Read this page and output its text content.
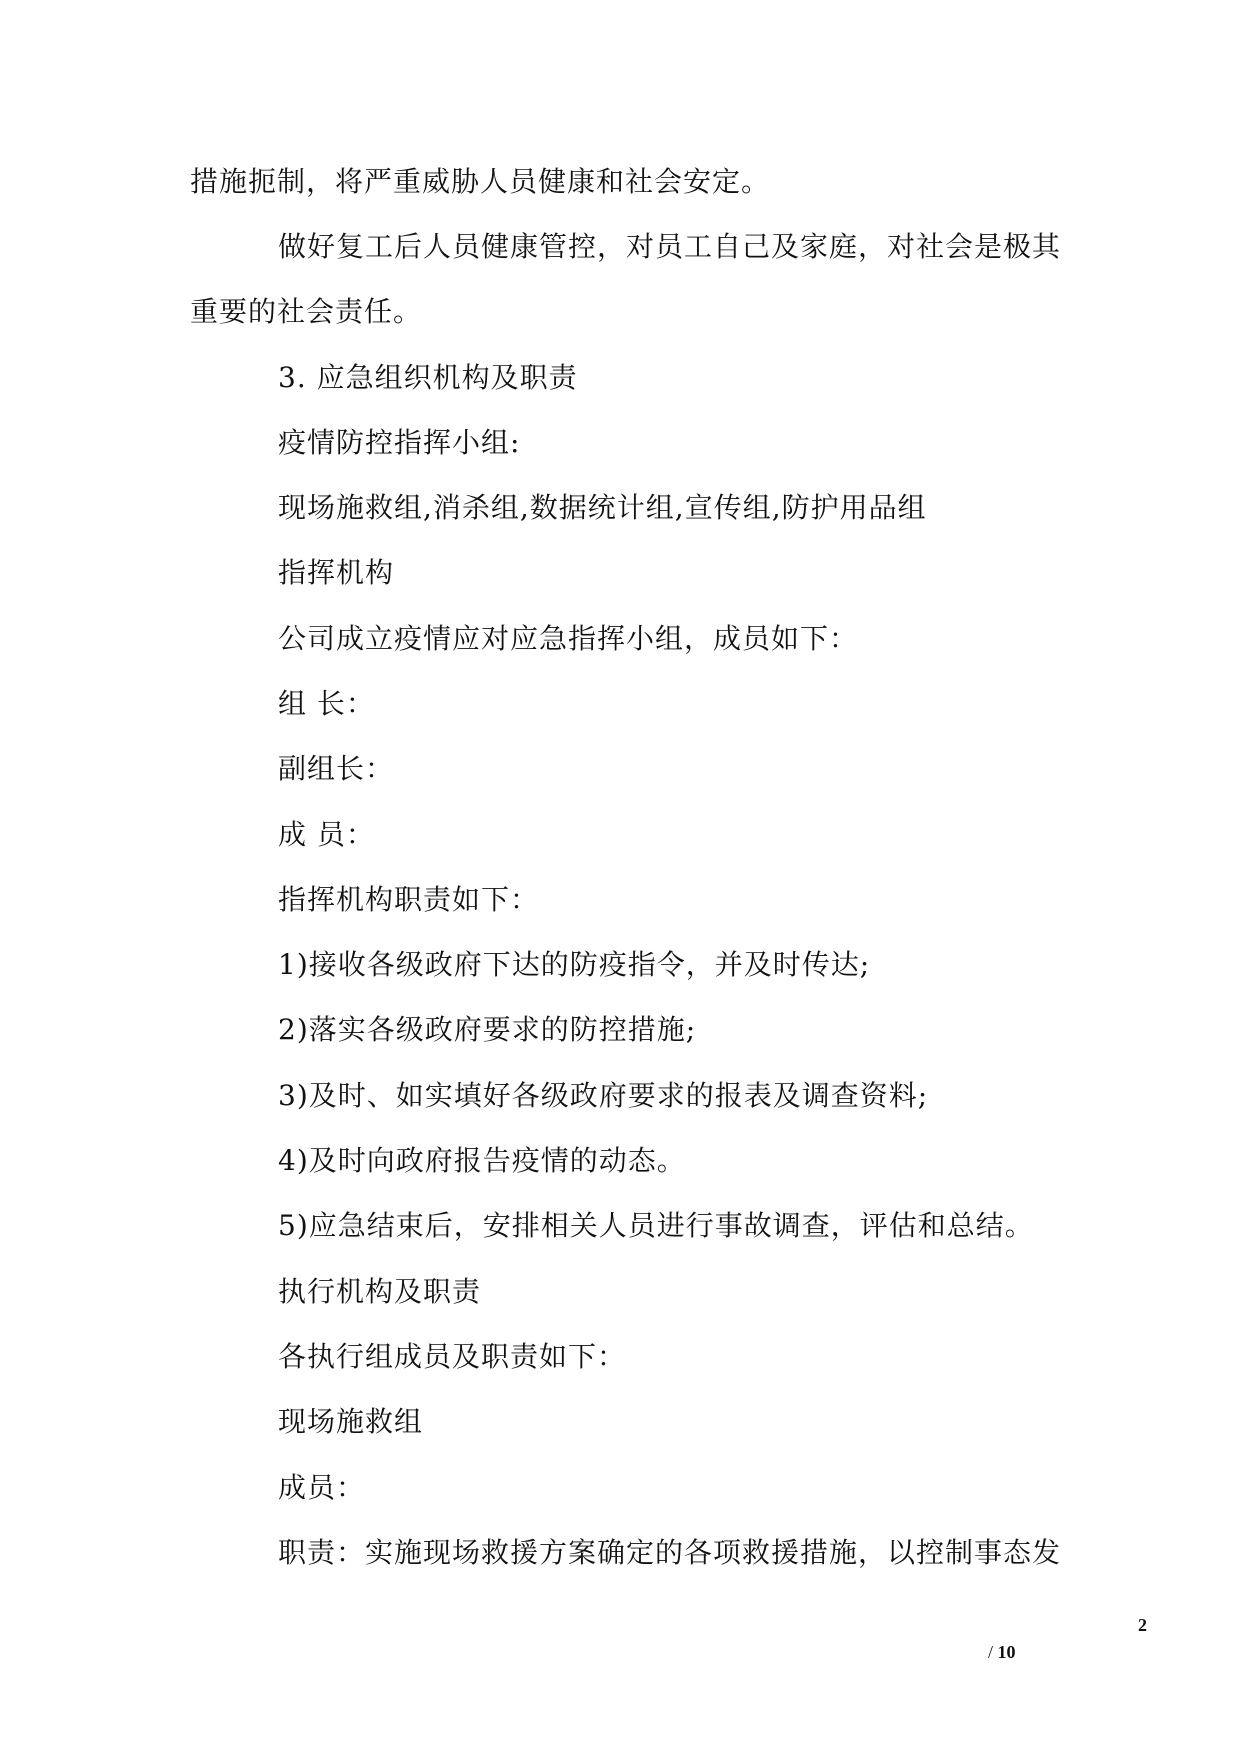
措施扼制，将严重威胁人员健康和社会安定。
做好复工后人员健康管控，对员工自己及家庭，对社会是极其
重要的社会责任。
3. 应急组织机构及职责
疫情防控指挥小组:
现场施救组,消杀组,数据统计组,宣传组,防护用品组
指挥机构
公司成立疫情应对应急指挥小组，成员如下：
组 长：
副组长：
成 员：
指挥机构职责如下：
1)接收各级政府下达的防疫指令，并及时传达;
2)落实各级政府要求的防控措施;
3)及时、如实填好各级政府要求的报表及调查资料;
4)及时向政府报告疫情的动态。
5)应急结束后，安排相关人员进行事故调查，评估和总结。
执行机构及职责
各执行组成员及职责如下：
现场施救组
成员：
职责：实施现场救援方案确定的各项救援措施，以控制事态发
2
/ 10
